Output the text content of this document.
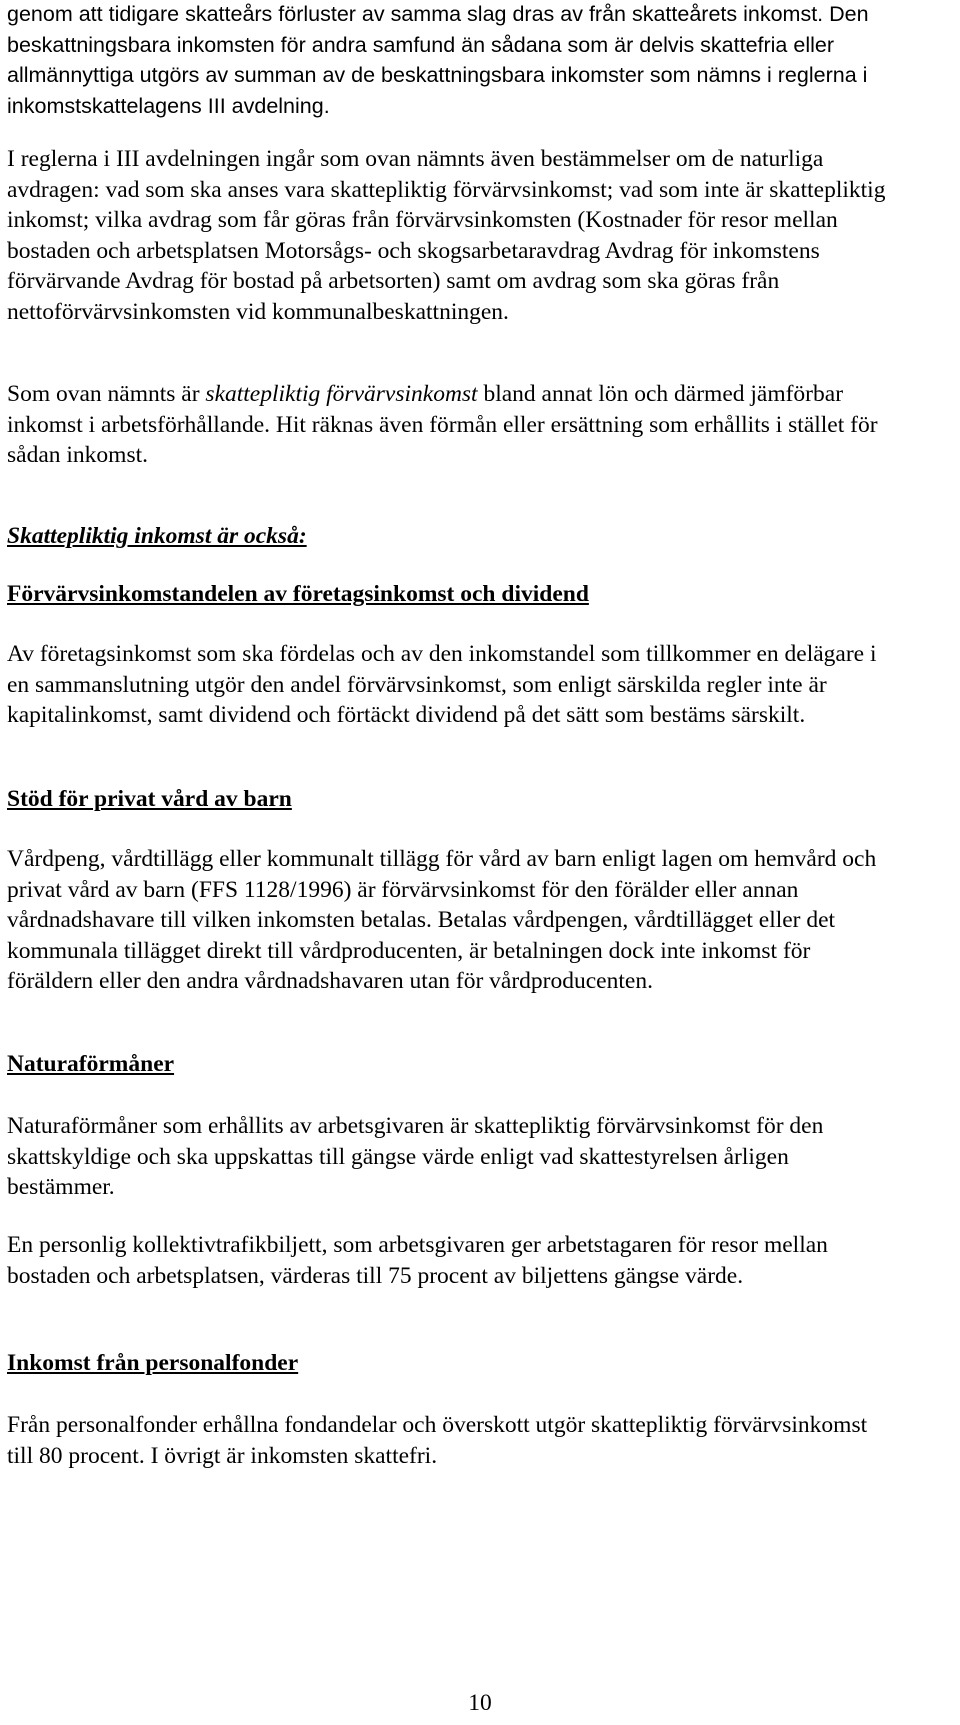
genom att tidigare skatteårs förluster av samma slag dras av från skatteårets inkomst. Den beskattningsbara inkomsten för andra samfund än sådana som är delvis skattefria eller allmännyttiga utgörs av summan av de beskattningsbara inkomster som nämns i reglerna i inkomstskattelagens III avdelning.

I reglerna i III avdelningen ingår som ovan nämnts även bestämmelser om de naturliga avdragen: vad som ska anses vara skattepliktig förvärvsinkomst; vad som inte är skattepliktig inkomst; vilka avdrag som får göras från förvärvsinkomsten (Kostnader för resor mellan bostaden och arbetsplatsen Motorsågs- och skogsarbetaravdrag Avdrag för inkomstens förvärvande Avdrag för bostad på arbetsorten) samt om avdrag som ska göras från nettoförvärvsinkomsten vid kommunalbeskattningen.

Som ovan nämnts är skattepliktig förvärvsinkomst bland annat lön och därmed jämförbar inkomst i arbetsförhållande. Hit räknas även förmån eller ersättning som erhållits i stället för sådan inkomst.

Skattepliktig inkomst är också:

Förvärvsinkomstandelen av företagsinkomst och dividend

Av företagsinkomst som ska fördelas och av den inkomstandel som tillkommer en delägare i en sammanslutning utgör den andel förvärvsinkomst, som enligt särskilda regler inte är kapitalinkomst, samt dividend och förtäckt dividend på det sätt som bestäms särskilt.

Stöd för privat vård av barn

Vårdpeng, vårdtillägg eller kommunalt tillägg för vård av barn enligt lagen om hemvård och privat vård av barn (FFS 1128/1996) är förvärvsinkomst för den förälder eller annan vårdnadshavare till vilken inkomsten betalas. Betalas vårdpengen, vårdtillägget eller det kommunala tillägget direkt till vårdproducenten, är betalningen dock inte inkomst för föräldern eller den andra vårdnadshavaren utan för vårdproducenten.

Naturaförmåner

Naturaförmåner som erhållits av arbetsgivaren är skattepliktig förvärvsinkomst för den skattskyldige och ska uppskattas till gängse värde enligt vad skattestyrelsen årligen bestämmer.

En personlig kollektivtrafikbiljett, som arbetsgivaren ger arbetstagaren för resor mellan bostaden och arbetsplatsen, värderas till 75 procent av biljettens gängse värde.

Inkomst från personalfonder

Från personalfonder erhållna fondandelar och överskott utgör skattepliktig förvärvsinkomst till 80 procent. I övrigt är inkomsten skattefri.

10
